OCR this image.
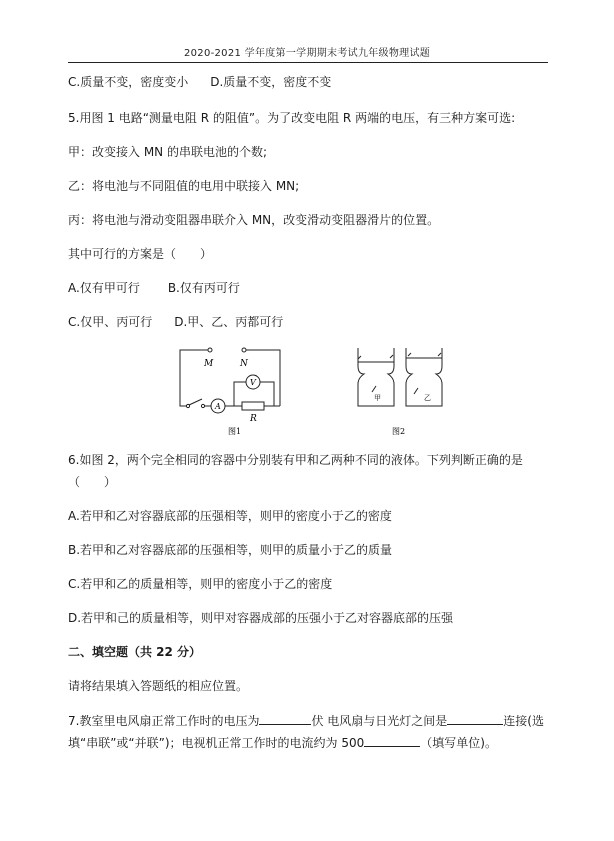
2020-2021 学年度第一学期期末考试九年级物理试题
C.质量不变，密度变小 D.质量不变，密度不变
5.用图 1 电路“测量电阻 R 的阻值”。为了改变电阻 R 两端的电压，有三种方案可选:
甲：改变接入 MN 的串联电池的个数;
乙：将电池与不同阻值的电用中联接入 MN;
丙：将电池与滑动变阻器串联介入 MN，改变滑动变阻器滑片的位置。
其中可行的方案是（　　）
A.仅有甲可行 B.仅有丙可行
C.仅甲、丙可行 D.甲、乙、丙都可行
M	N
V
A
R
图1
甲	乙
图2
6.如图 2，两个完全相同的容器中分别装有甲和乙两种不同的液体。下列判断正确的是
（　　）
A.若甲和乙对容器底部的压强相等，则甲的密度小于乙的密度
B.若甲和乙对容器底部的压强相等，则甲的质量小于乙的质量
C.若甲和乙的质量相等，则甲的密度小于乙的密度
D.若甲和己的质量相等，则甲对容器成部的压强小于乙对容器底部的压强
二、填空题（共 22 分）
请将结果填入答题纸的相应位置。
7.教室里电风扇正常工作时的电压为	伏 电风扇与日光灯之间是	连接(选
填“串联”或“并联”)；电视机正常工作时的电流约为 500	（填写单位)。
